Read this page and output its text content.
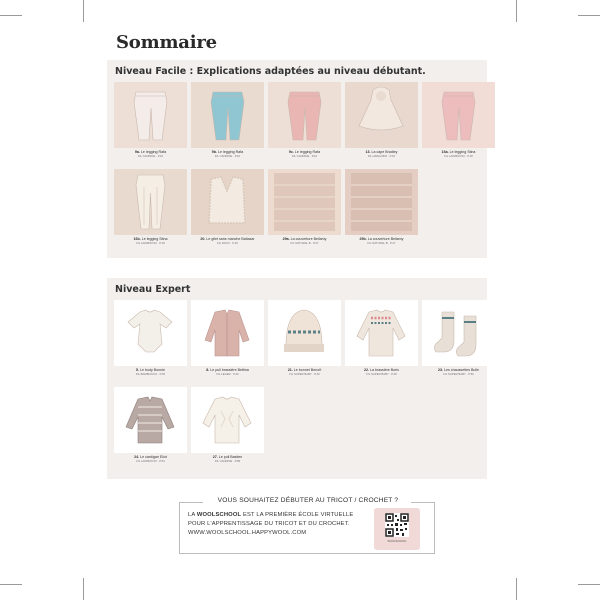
Sommaire
Niveau Facile : Explications adaptées au niveau débutant.
9a. Le legging Rafa
FIL CANDIDE · P.10
9b. Le legging Rafa
FIL CANDIDE · P.10
9c. Le legging Rafa
FIL CANDIDE · P.10
13. La cape Bradley
FIL HAWAI BIO · P.16
16a. Le legging Stina
FIL LAINBIOVIO · P.18
16b. Le legging Stina
FIL LAINBIOVIO · P.18
20. Le gilet sans manche Baltazar
FIL DOUX · P.20
29a. La couverture Bellamy
FIL NATURAL B · P.27
29b. La couverture Bellamy
FIL NATURAL B · P.27
Niveau Expert
5. Le body Bonnie
FIL BAMBOOCO · P.36
8. Le pull brassière Bettina
FIL LEGER · P.40
21. Le bonnet Benoît
FIL SUPER BABY · P.46
22. La brassière Boris
FIL SUPER BABY · P.48
23. Les chaussettes Bulle
FIL SUPER BABY · P.50
24. Le cardigan Eliot
FIL LAINBIOVIO · P.54
27. Le pull Bastien
FIL CANDIDE · P.58
VOUS SOUHAITEZ DÉBUTER AU TRICOT / CROCHET ?
LA WOOLSCHOOL EST LA PREMIÈRE ÉCOLE VIRTUELLE
POUR L'APPRENTISSAGE DU TRICOT ET DU CROCHET.
WWW.WOOLSCHOOL.HAPPYWOOL.COM
WOOLSCHOOL
